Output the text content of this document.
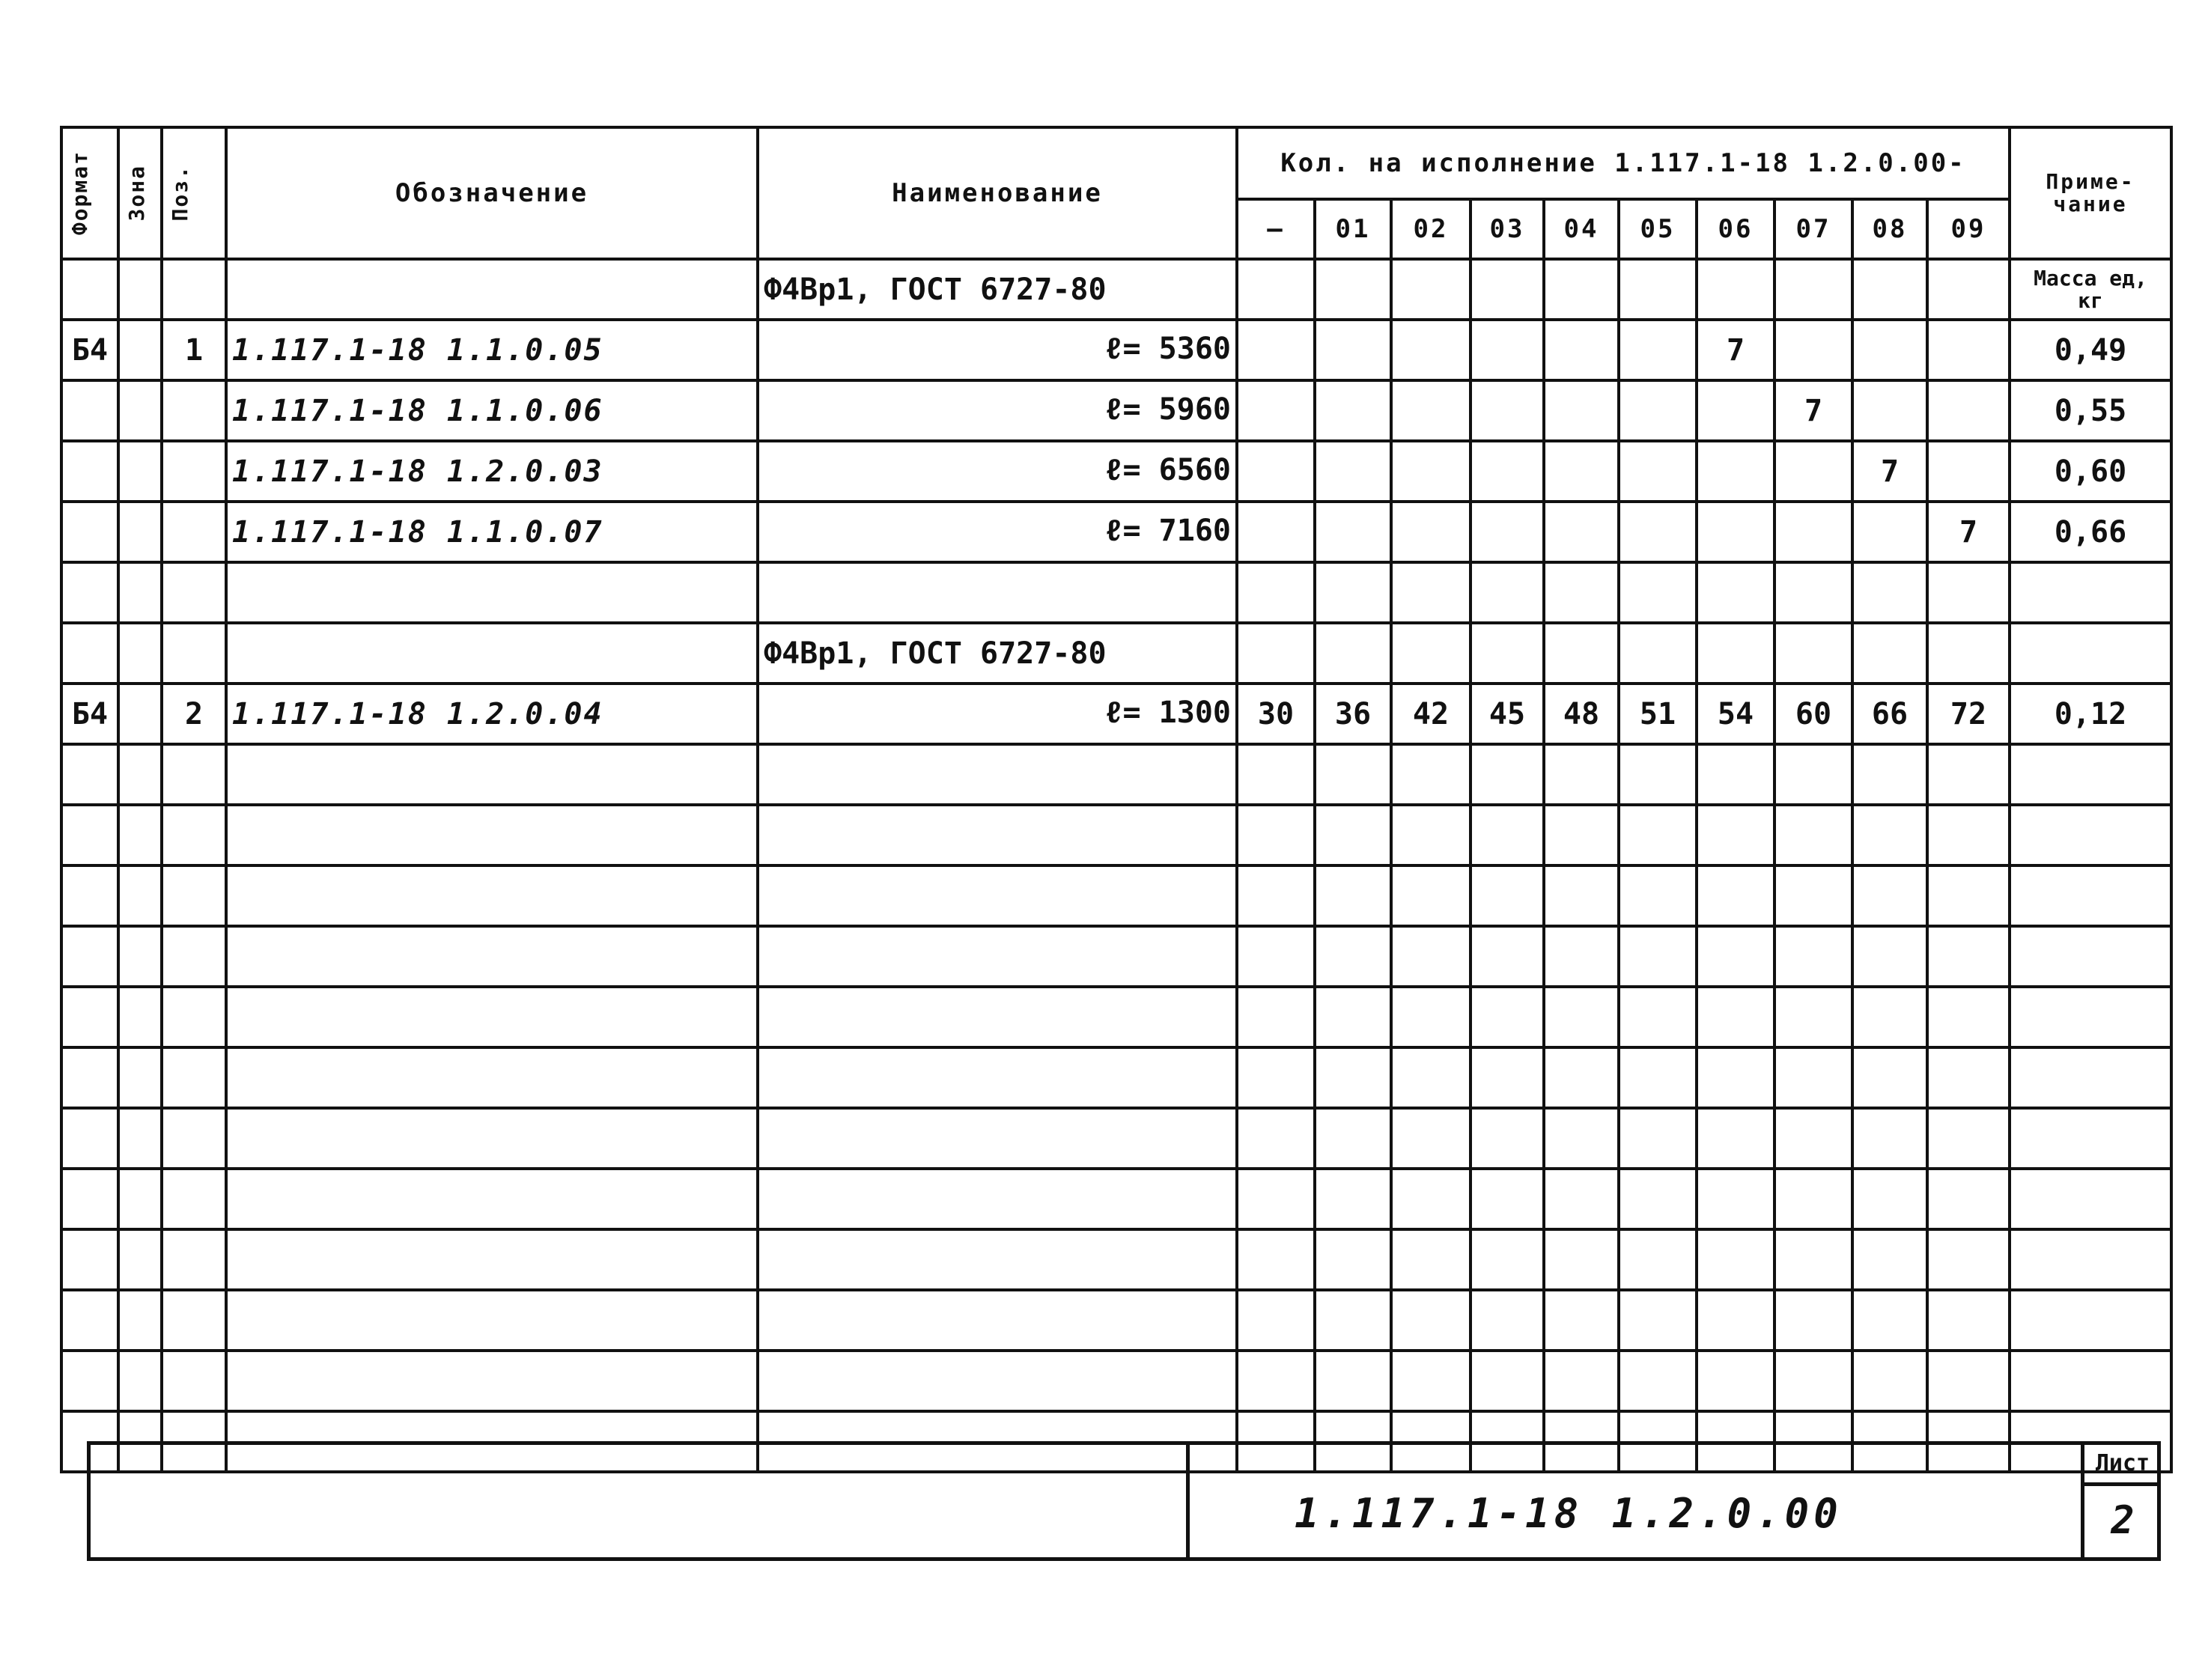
Формат	Зона	Поз.	Обозначение	Наименование	Кол. на исполнение 1.117.1-18 1.2.0.00-										Приме-чание
					—	01	02	03	04	05	06	07	08	09	
				Ф4Вр1, ГОСТ 6727-80											Масса ед, кг
Б4		1	1.117.1-18 1.1.0.05	ℓ= 5360							7				0,49
			1.117.1-18 1.1.0.06	ℓ= 5960								7			0,55
			1.117.1-18 1.2.0.03	ℓ= 6560									7		0,60
			1.117.1-18 1.1.0.07	ℓ= 7160										7	0,66

				Ф4Вр1, ГОСТ 6727-80											
Б4		2	1.117.1-18 1.2.0.04	ℓ= 1300	30	36	42	45	48	51	54	60	66	72	0,12

1.117.1-18 1.2.0.00
Лист
2
